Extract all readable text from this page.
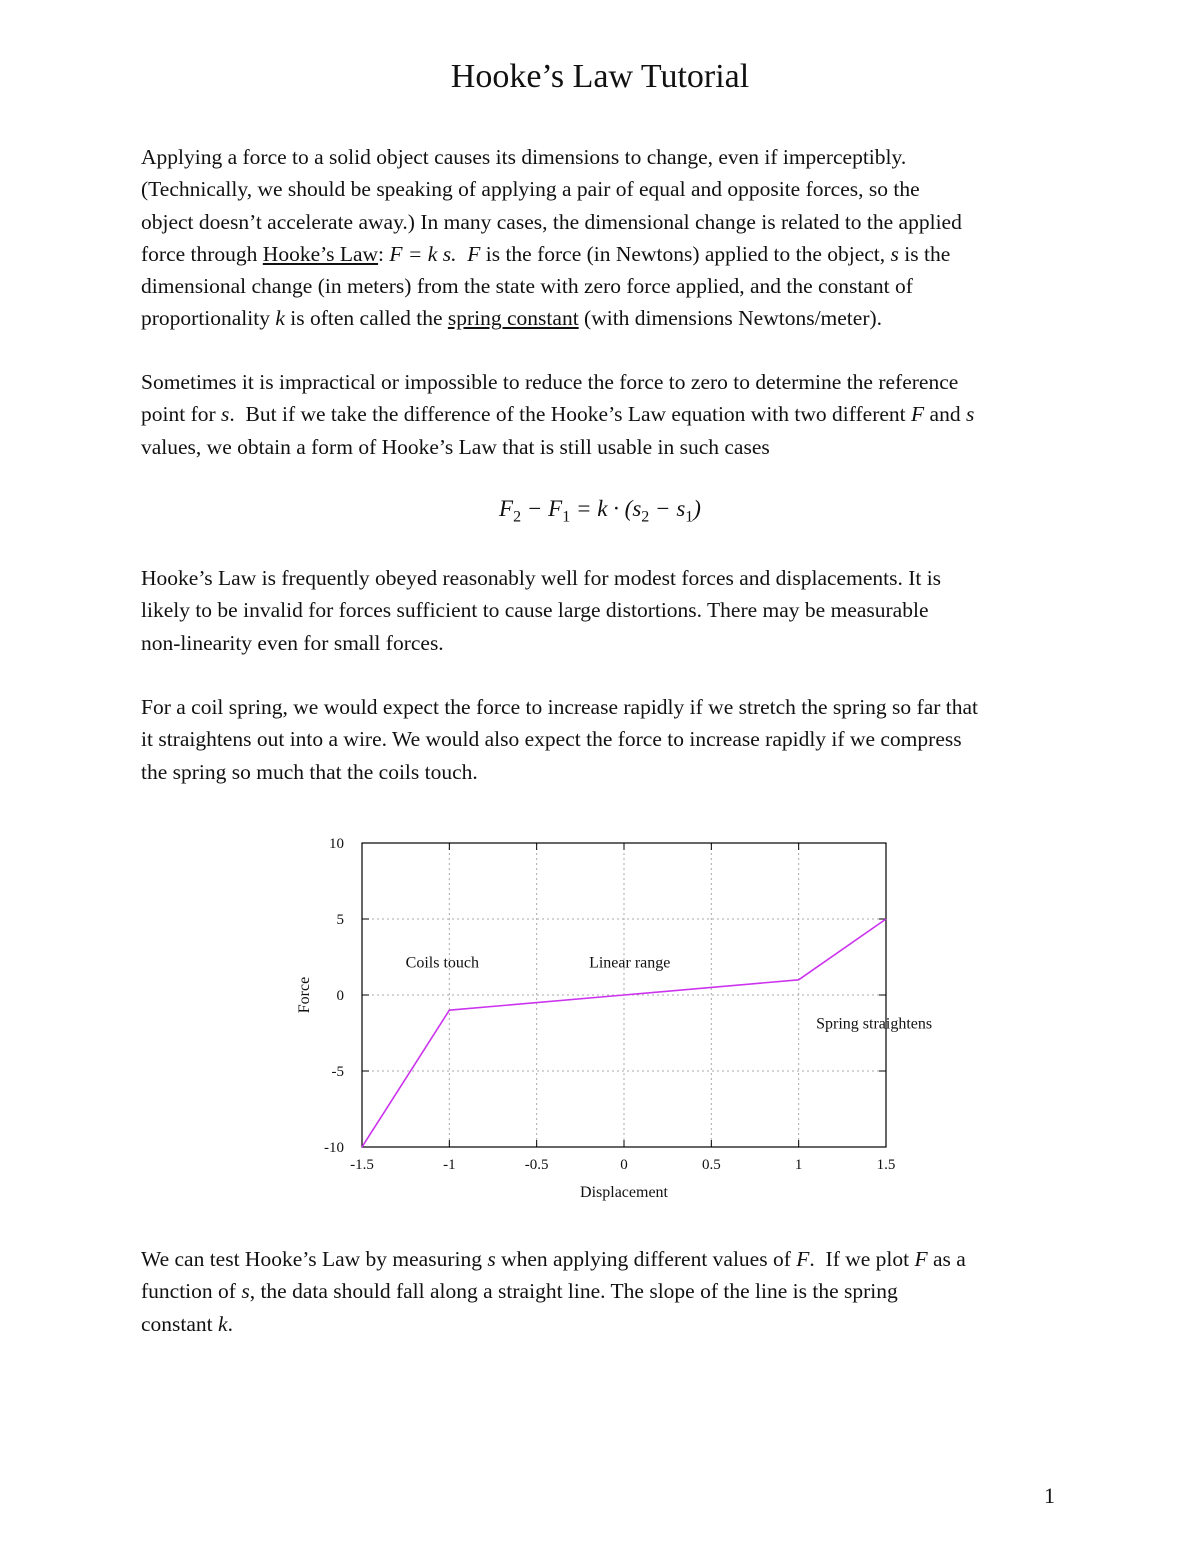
Hooke’s Law Tutorial
Applying a force to a solid object causes its dimensions to change, even if imperceptibly.
(Technically, we should be speaking of applying a pair of equal and opposite forces, so the
object doesn’t accelerate away.) In many cases, the dimensional change is related to the applied
force through Hooke’s Law: F = k s. F is the force (in Newtons) applied to the object, s is the
dimensional change (in meters) from the state with zero force applied, and the constant of
proportionality k is often called the spring constant (with dimensions Newtons/meter).
Sometimes it is impractical or impossible to reduce the force to zero to determine the reference
point for s.  But if we take the difference of the Hooke’s Law equation with two different F and s
values, we obtain a form of Hooke’s Law that is still usable in such cases
$F_2 - F_1 = k \cdot (s_2 - s_1)$
Hooke’s Law is frequently obeyed reasonably well for modest forces and displacements. It is
likely to be invalid for forces sufficient to cause large distortions. There may be measurable
non-linearity even for small forces.
For a coil spring, we would expect the force to increase rapidly if we stretch the spring so far that
it straightens out into a wire. We would also expect the force to increase rapidly if we compress
the spring so much that the coils touch.
-1.5	-1	-0.5	0	0.5	1	1.5
10
5
0
-5
-10
Displacement
Force
Coils touch	Linear range
Spring straightens
We can test Hooke’s Law by measuring s when applying different values of F.  If we plot F as a
function of s, the data should fall along a straight line. The slope of the line is the spring
constant k.
1
